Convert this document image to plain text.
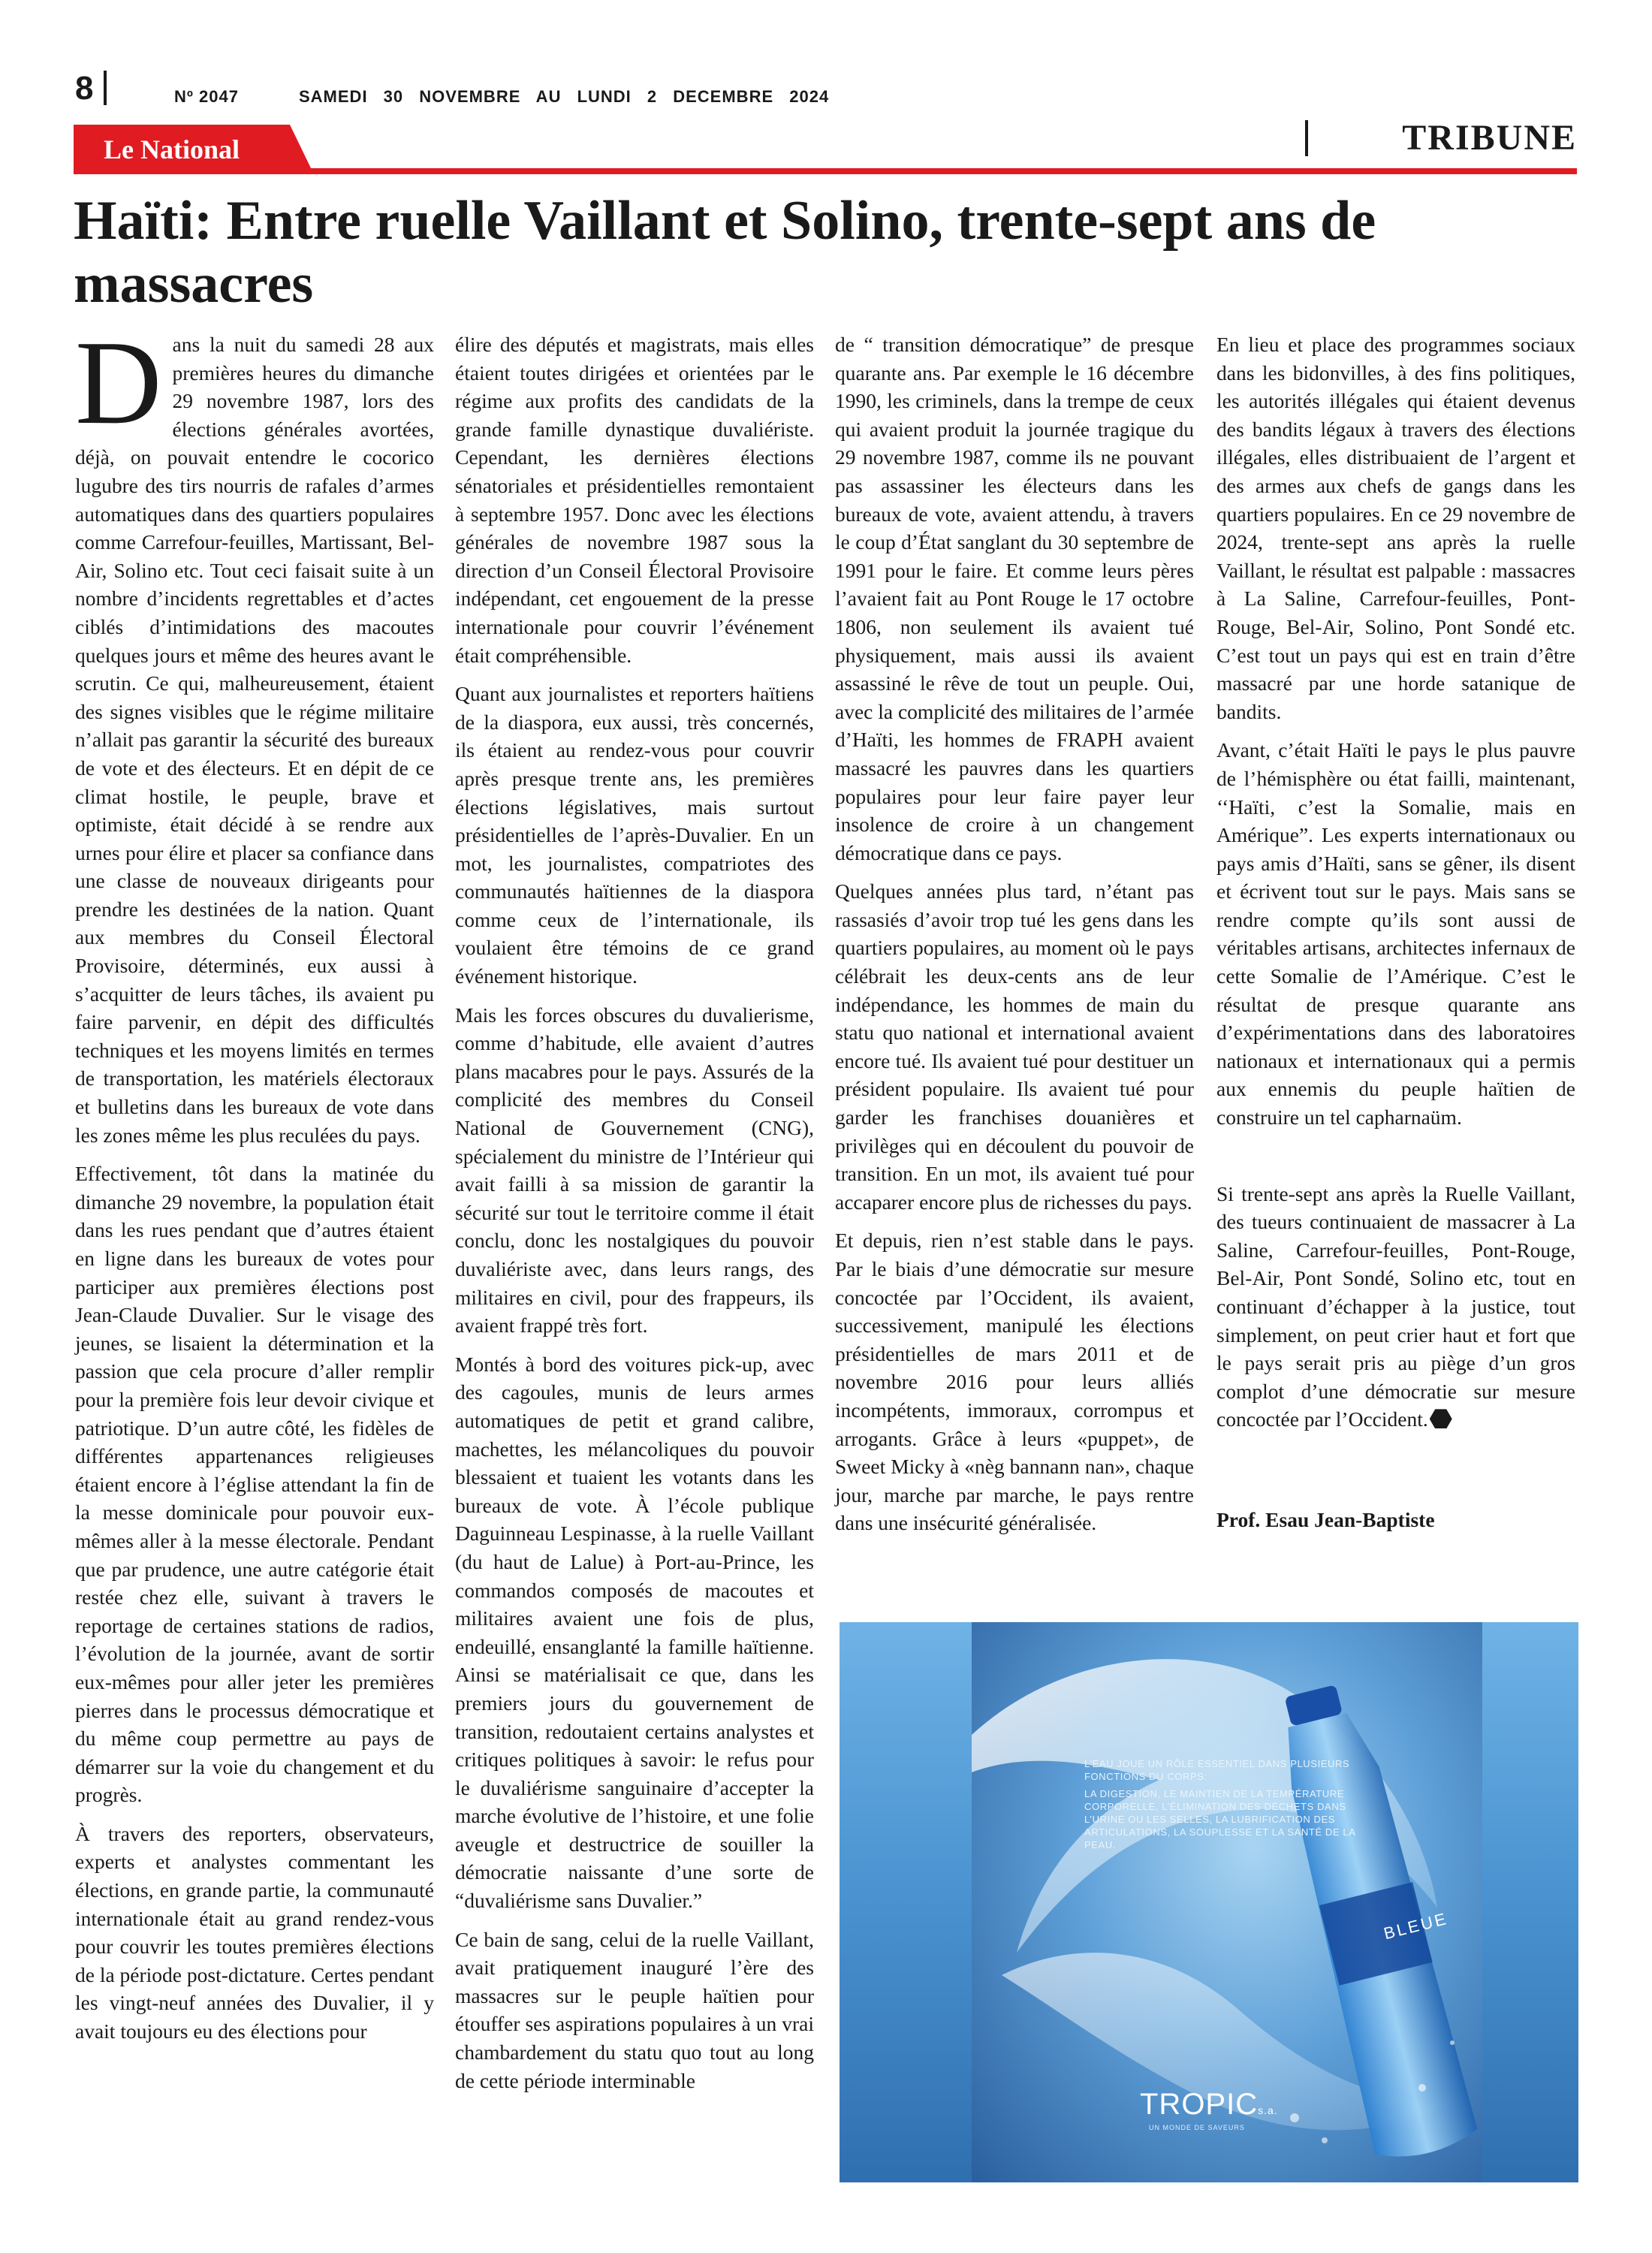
8	Nº 2047	SAMEDI 30 NOVEMBRE AU LUNDI 2 DECEMBRE 2024
Le National	TRIBUNE
Haïti: Entre ruelle Vaillant et Solino, trente-sept ans de massacres

Dans la nuit du samedi 28 aux premières heures du dimanche 29 novembre 1987, lors des élections générales avortées, déjà, on pouvait entendre le cocorico lugubre des tirs nourris de rafales d’armes automatiques dans des quartiers populaires comme Carrefour-feuilles, Martissant, Bel-Air, Solino etc. Tout ceci faisait suite à un nombre d’incidents regrettables et d’actes ciblés d’intimidations des macoutes quelques jours et même des heures avant le scrutin. Ce qui, malheureusement, étaient des signes visibles que le régime militaire n’allait pas garantir la sécurité des bureaux de vote et des électeurs. Et en dépit de ce climat hostile, le peuple, brave et optimiste, était décidé à se rendre aux urnes pour élire et placer sa confiance dans une classe de nouveaux dirigeants pour prendre les destinées de la nation. Quant aux membres du Conseil Électoral Provisoire, déterminés, eux aussi à s’acquitter de leurs tâches, ils avaient pu faire parvenir, en dépit des difficultés techniques et les moyens limités en termes de transportation, les matériels électoraux et bulletins dans les bureaux de vote dans les zones même les plus reculées du pays.

Effectivement, tôt dans la matinée du dimanche 29 novembre, la population était dans les rues pendant que d’autres étaient en ligne dans les bureaux de votes pour participer aux premières élections post Jean-Claude Duvalier. Sur le visage des jeunes, se lisaient la détermination et la passion que cela procure d’aller remplir pour la première fois leur devoir civique et patriotique. D’un autre côté, les fidèles de différentes appartenances religieuses étaient encore à l’église attendant la fin de la messe dominicale pour pouvoir eux-mêmes aller à la messe électorale. Pendant que par prudence, une autre catégorie était restée chez elle, suivant à travers le reportage de certaines stations de radios, l’évolution de la journée, avant de sortir eux-mêmes pour aller jeter les premières pierres dans le processus démocratique et du même coup permettre au pays de démarrer sur la voie du changement et du progrès.

À travers des reporters, observateurs, experts et analystes commentant les élections, en grande partie, la communauté internationale était au grand rendez-vous pour couvrir les toutes premières élections de la période post-dictature. Certes pendant les vingt-neuf années des Duvalier, il y avait toujours eu des élections pour

élire des députés et magistrats, mais elles étaient toutes dirigées et orientées par le régime aux profits des candidats de la grande famille dynastique duvaliériste. Cependant, les dernières élections sénatoriales et présidentielles remontaient à septembre 1957. Donc avec les élections générales de novembre 1987 sous la direction d’un Conseil Électoral Provisoire indépendant, cet engouement de la presse internationale pour couvrir l’événement était compréhensible.

Quant aux journalistes et reporters haïtiens de la diaspora, eux aussi, très concernés, ils étaient au rendez-vous pour couvrir après presque trente ans, les premières élections législatives, mais surtout présidentielles de l’après-Duvalier. En un mot, les journalistes, compatriotes des communautés haïtiennes de la diaspora comme ceux de l’internationale, ils voulaient être témoins de ce grand événement historique.

Mais les forces obscures du duvalierisme, comme d’habitude, elle avaient d’autres plans macabres pour le pays. Assurés de la complicité des membres du Conseil National de Gouvernement (CNG), spécialement du ministre de l’Intérieur qui avait failli à sa mission de garantir la sécurité sur tout le territoire comme il était conclu, donc les nostalgiques du pouvoir duvaliériste avec, dans leurs rangs, des militaires en civil, pour des frappeurs, ils avaient frappé très fort.

Montés à bord des voitures pick-up, avec des cagoules, munis de leurs armes automatiques de petit et grand calibre, machettes, les mélancoliques du pouvoir blessaient et tuaient les votants dans les bureaux de vote. À l’école publique Daguinneau Lespinasse, à la ruelle Vaillant (du haut de Lalue) à Port-au-Prince, les commandos composés de macoutes et militaires avaient une fois de plus, endeuillé, ensanglanté la famille haïtienne. Ainsi se matérialisait ce que, dans les premiers jours du gouvernement de transition, redoutaient certains analystes et critiques politiques à savoir: le refus pour le duvaliérisme sanguinaire d’accepter la marche évolutive de l’histoire, et une folie aveugle et destructrice de souiller la démocratie naissante d’une sorte de “duvaliérisme sans Duvalier.”

Ce bain de sang, celui de la ruelle Vaillant, avait pratiquement inauguré l’ère des massacres sur le peuple haïtien pour étouffer ses aspirations populaires à un vrai chambardement du statu quo tout au long de cette période interminable

de “ transition démocratique” de presque quarante ans. Par exemple le 16 décembre 1990, les criminels, dans la trempe de ceux qui avaient produit la journée tragique du 29 novembre 1987, comme ils ne pouvant pas assassiner les électeurs dans les bureaux de vote, avaient attendu, à travers le coup d’État sanglant du 30 septembre de 1991 pour le faire. Et comme leurs pères l’avaient fait au Pont Rouge le 17 octobre 1806, non seulement ils avaient tué physiquement, mais aussi ils avaient assassiné le rêve de tout un peuple. Oui, avec la complicité des militaires de l’armée d’Haïti, les hommes de FRAPH avaient massacré les pauvres dans les quartiers populaires pour leur faire payer leur insolence de croire à un changement démocratique dans ce pays.

Quelques années plus tard, n’étant pas rassasiés d’avoir trop tué les gens dans les quartiers populaires, au moment où le pays célébrait les deux-cents ans de leur indépendance, les hommes de main du statu quo national et international avaient encore tué. Ils avaient tué pour destituer un président populaire. Ils avaient tué pour garder les franchises douanières et privilèges qui en découlent du pouvoir de transition. En un mot, ils avaient tué pour accaparer encore plus de richesses du pays.

Et depuis, rien n’est stable dans le pays. Par le biais d’une démocratie sur mesure concoctée par l’Occident, ils avaient, successivement, manipulé les élections présidentielles de mars 2011 et de novembre 2016 pour leurs alliés incompétents, immoraux, corrompus et arrogants. Grâce à leurs «puppet», de Sweet Micky à «nèg bannann nan», chaque jour, marche par marche, le pays rentre dans une insécurité généralisée.

En lieu et place des programmes sociaux dans les bidonvilles, à des fins politiques, les autorités illégales qui étaient devenus des bandits légaux à travers des élections illégales, elles distribuaient de l’argent et des armes aux chefs de gangs dans les quartiers populaires. En ce 29 novembre de 2024, trente-sept ans après la ruelle Vaillant, le résultat est palpable : massacres à La Saline, Carrefour-feuilles, Pont-Rouge, Bel-Air, Solino, Pont Sondé etc. C’est tout un pays qui est en train d’être massacré par une horde satanique de bandits.

Avant, c’était Haïti le pays le plus pauvre de l’hémisphère ou état failli, maintenant, ‘‘Haïti, c’est la Somalie, mais en Amérique”. Les experts internationaux ou pays amis d’Haïti, sans se gêner, ils disent et écrivent tout sur le pays. Mais sans se rendre compte qu’ils sont aussi de véritables artisans, architectes infernaux de cette Somalie de l’Amérique. C’est le résultat de presque quarante ans d’expérimentations dans des laboratoires nationaux et internationaux qui a permis aux ennemis du peuple haïtien de construire un tel capharnaüm.

Si trente-sept ans après la Ruelle Vaillant, des tueurs continuaient de massacrer à La Saline, Carrefour-feuilles, Pont-Rouge, Bel-Air, Pont Sondé, Solino etc, tout en continuant d’échapper à la justice, tout simplement, on peut crier haut et fort que le pays serait pris au piège d’un gros complot d’une démocratie sur mesure concoctée par l’Occident.

Prof. Esau Jean-Baptiste

L’EAU JOUE UN RÔLE ESSENTIEL DANS PLUSIEURS FONCTIONS DU CORPS:
LA DIGESTION, LE MAINTIEN DE LA TEMPÉRATURE CORPORELLE, L’ÉLIMINATION DES DÉCHETS DANS L’URINE OU LES SELLES, LA LUBRIFICATION DES ARTICULATIONS, LA SOUPLESSE ET LA SANTÉ DE LA PEAU.
BLEUE
TROPICs.a.
UN MONDE DE SAVEURS
